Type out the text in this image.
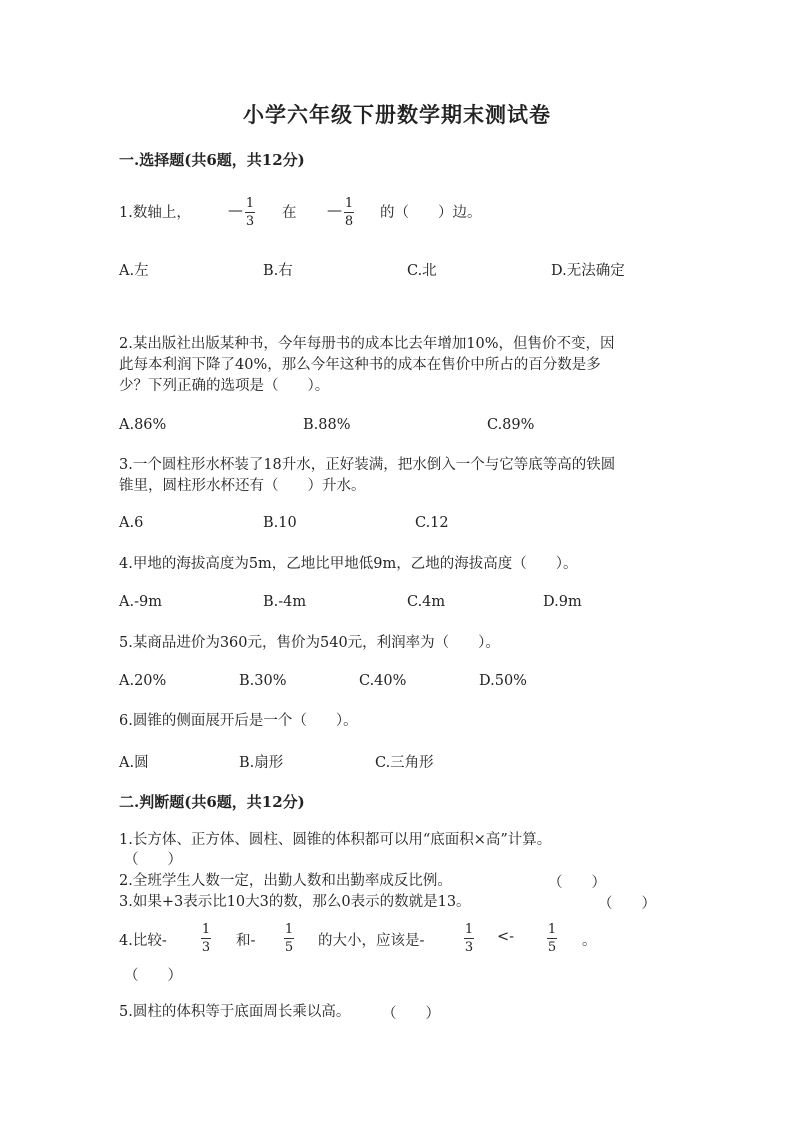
小学六年级下册数学期末测试卷
一.选择题(共6题，共12分)
1.数轴上， — 1
3
在 — 1
8
的（　　）边。
A.左	B.右	C.北	D.无法确定
2.某出版社出版某种书，今年每册书的成本比去年增加10%，但售价不变，因
此每本利润下降了40%，那么今年这种书的成本在售价中所占的百分数是多
少？下列正确的选项是（　　）。
A.86%	B.88%	C.89%
3.一个圆柱形水杯装了18升水，正好装满，把水倒入一个与它等底等高的铁圆
锥里，圆柱形水杯还有（　　）升水。
A.6	B.10	C.12
4.甲地的海拔高度为5m，乙地比甲地低9m，乙地的海拔高度（　　）。
A.-9m	B.-4m	C.4m	D.9m
5.某商品进价为360元，售价为540元，利润率为（　　）。
A.20%	B.30%	C.40%	D.50%
6.圆锥的侧面展开后是一个（　　）。
A.圆	B.扇形	C.三角形
二.判断题(共6题，共12分)
1.长方体、正方体、圆柱、圆锥的体积都可以用“底面积×高”计算。
（　　）
2.全班学生人数一定，出勤人数和出勤率成反比例。	（　　）
3.如果+3表示比10大3的数，那么0表示的数就是13。	（　　）
4.比较-
1
3 和-
1
5 的大小，应该是-
1
3
<-	1
5 。
（　　）
5.圆柱的体积等于底面周长乘以高。 （　　）
